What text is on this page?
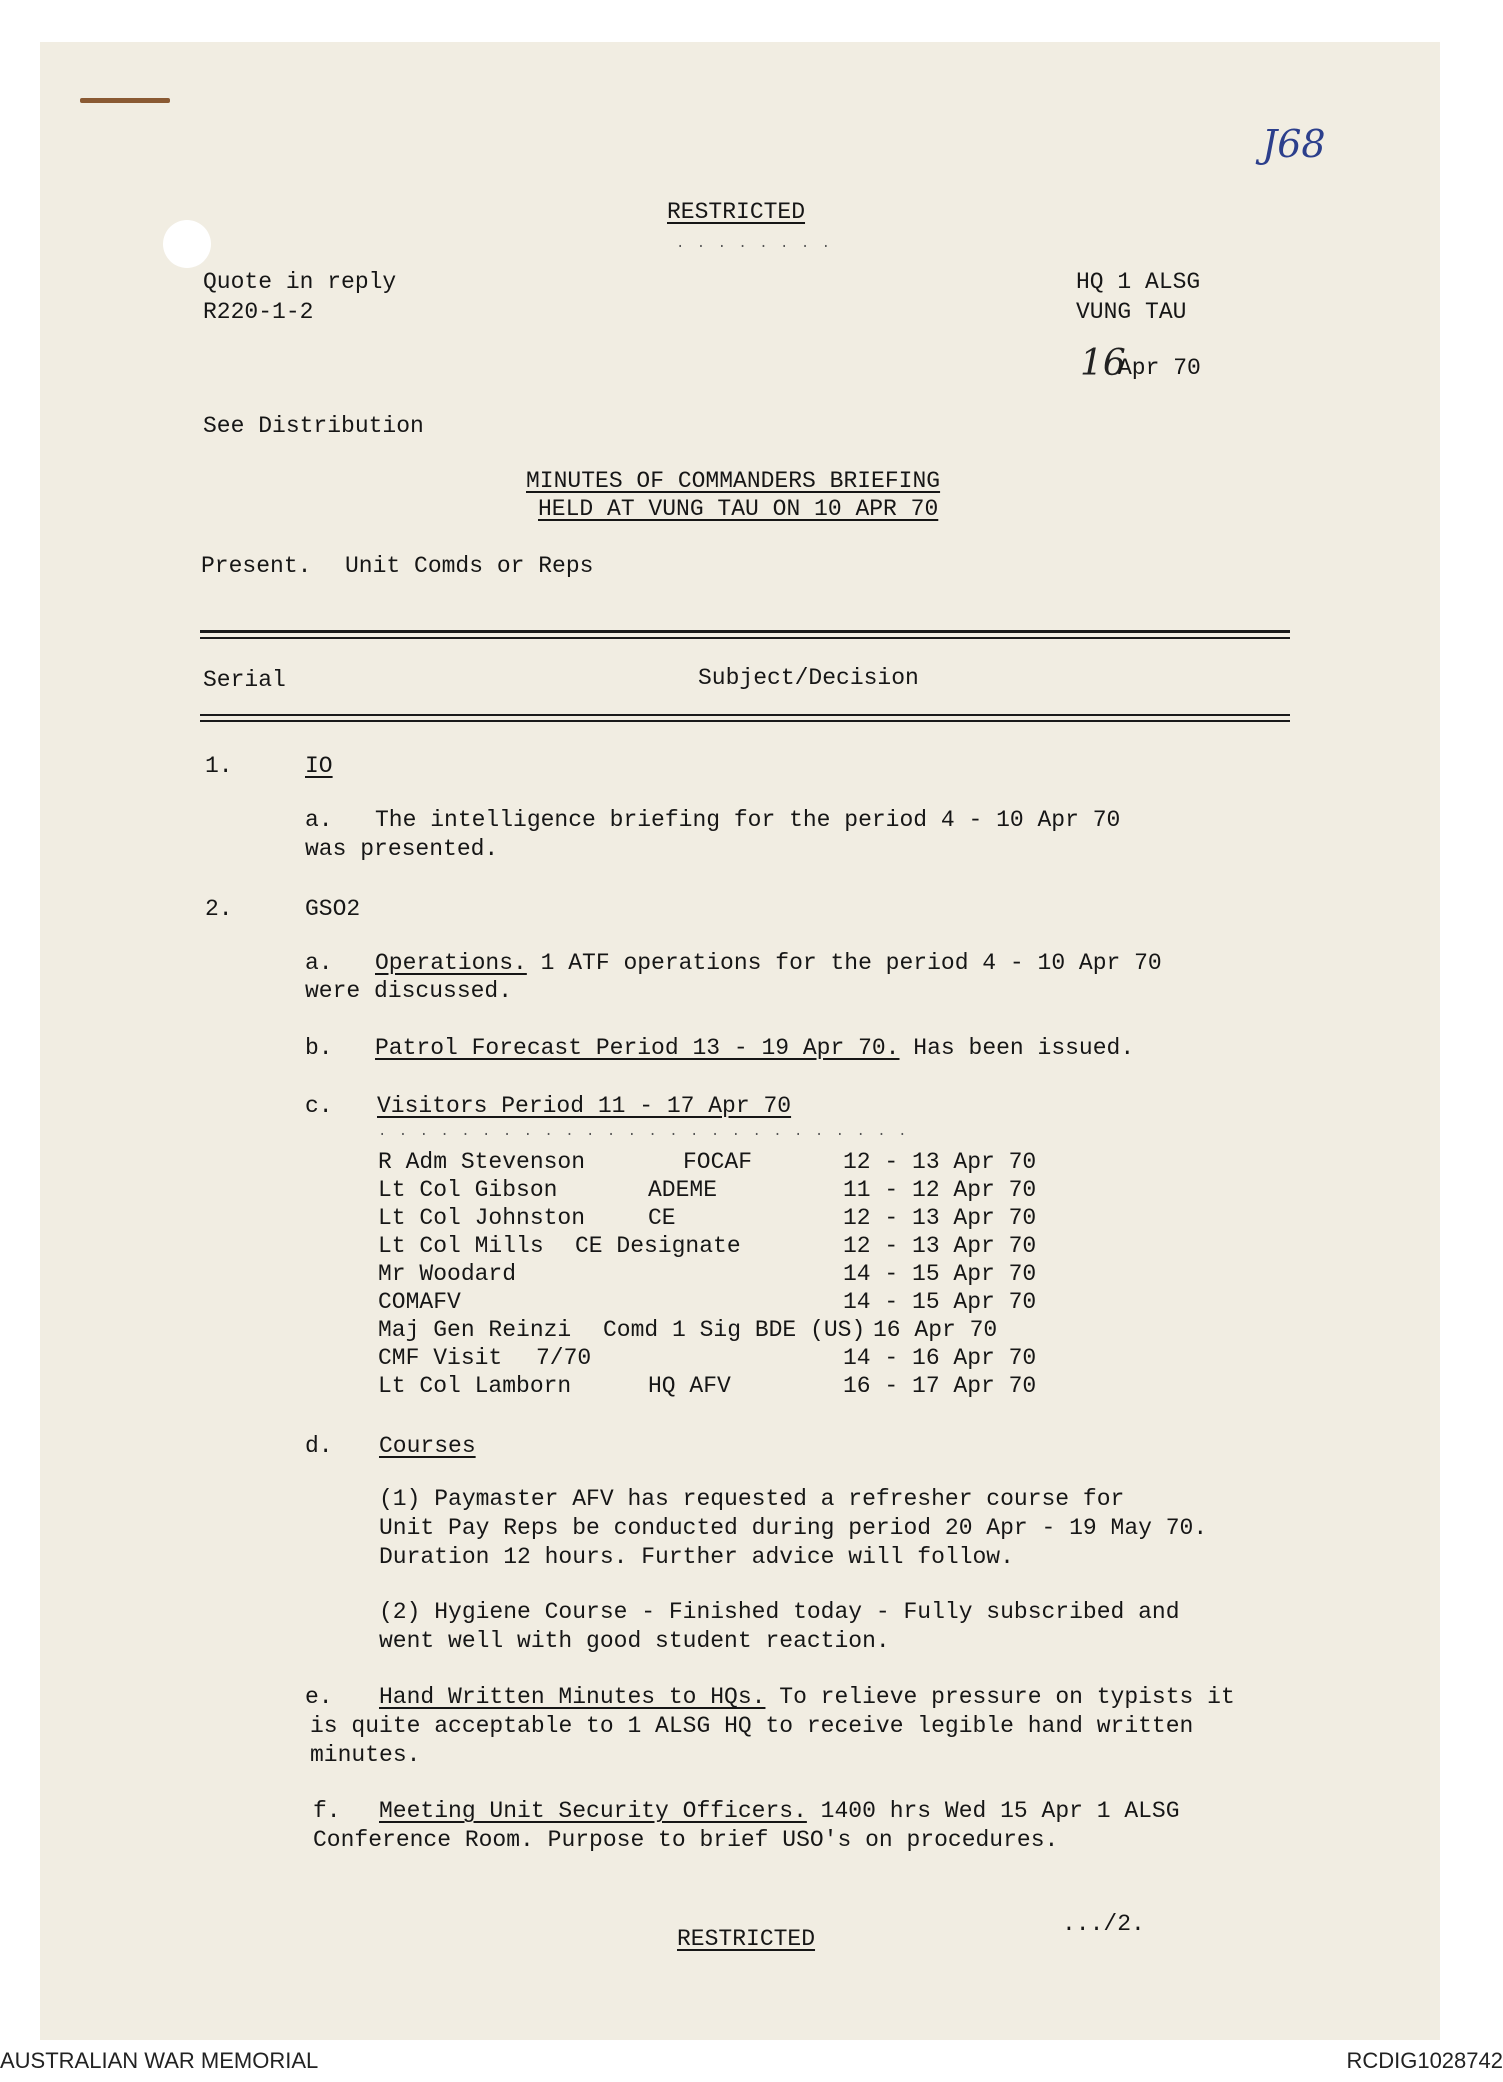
J68
RESTRICTED
. . . . . . . .
Quote in reply
R220-1-2
HQ 1 ALSG
VUNG TAU
16
Apr 70
See Distribution
MINUTES OF COMMANDERS BRIEFING
HELD AT VUNG TAU ON 10 APR 70
Present. Unit Comds or Reps
Serial	Subject/Decision
1.	IO
a. The intelligence briefing for the period 4 - 10 Apr 70
was presented.
2.	GSO2
a. Operations. 1 ATF operations for the period 4 - 10 Apr 70
were discussed.
b. Patrol Forecast Period 13 - 19 Apr 70. Has been issued.
c. Visitors Period 11 - 17 Apr 70
. . . . . . . . . . . . . . . . . . . . . . . . . .
R Adm Stevenson	FOCAF	12 - 13 Apr 70
Lt Col Gibson	ADEME	11 - 12 Apr 70
Lt Col Johnston	CE	12 - 13 Apr 70
Lt Col Mills CE Designate	12 - 13 Apr 70
Mr Woodard	14 - 15 Apr 70
COMAFV	14 - 15 Apr 70
Maj Gen Reinzi Comd 1 Sig BDE (US) 16 Apr 70
CMF Visit 7/70	14 - 16 Apr 70
Lt Col Lamborn	HQ AFV	16 - 17 Apr 70
d. Courses
(1) Paymaster AFV has requested a refresher course for
Unit Pay Reps be conducted during period 20 Apr - 19 May 70.
Duration 12 hours. Further advice will follow.
(2) Hygiene Course - Finished today - Fully subscribed and
went well with good student reaction.
e. Hand Written Minutes to HQs. To relieve pressure on typists it
is quite acceptable to 1 ALSG HQ to receive legible hand written
minutes.
f. Meeting Unit Security Officers. 1400 hrs Wed 15 Apr 1 ALSG
Conference Room. Purpose to brief USO's on procedures.
RESTRICTED
.../2.
AUSTRALIAN WAR MEMORIAL	RCDIG1028742
